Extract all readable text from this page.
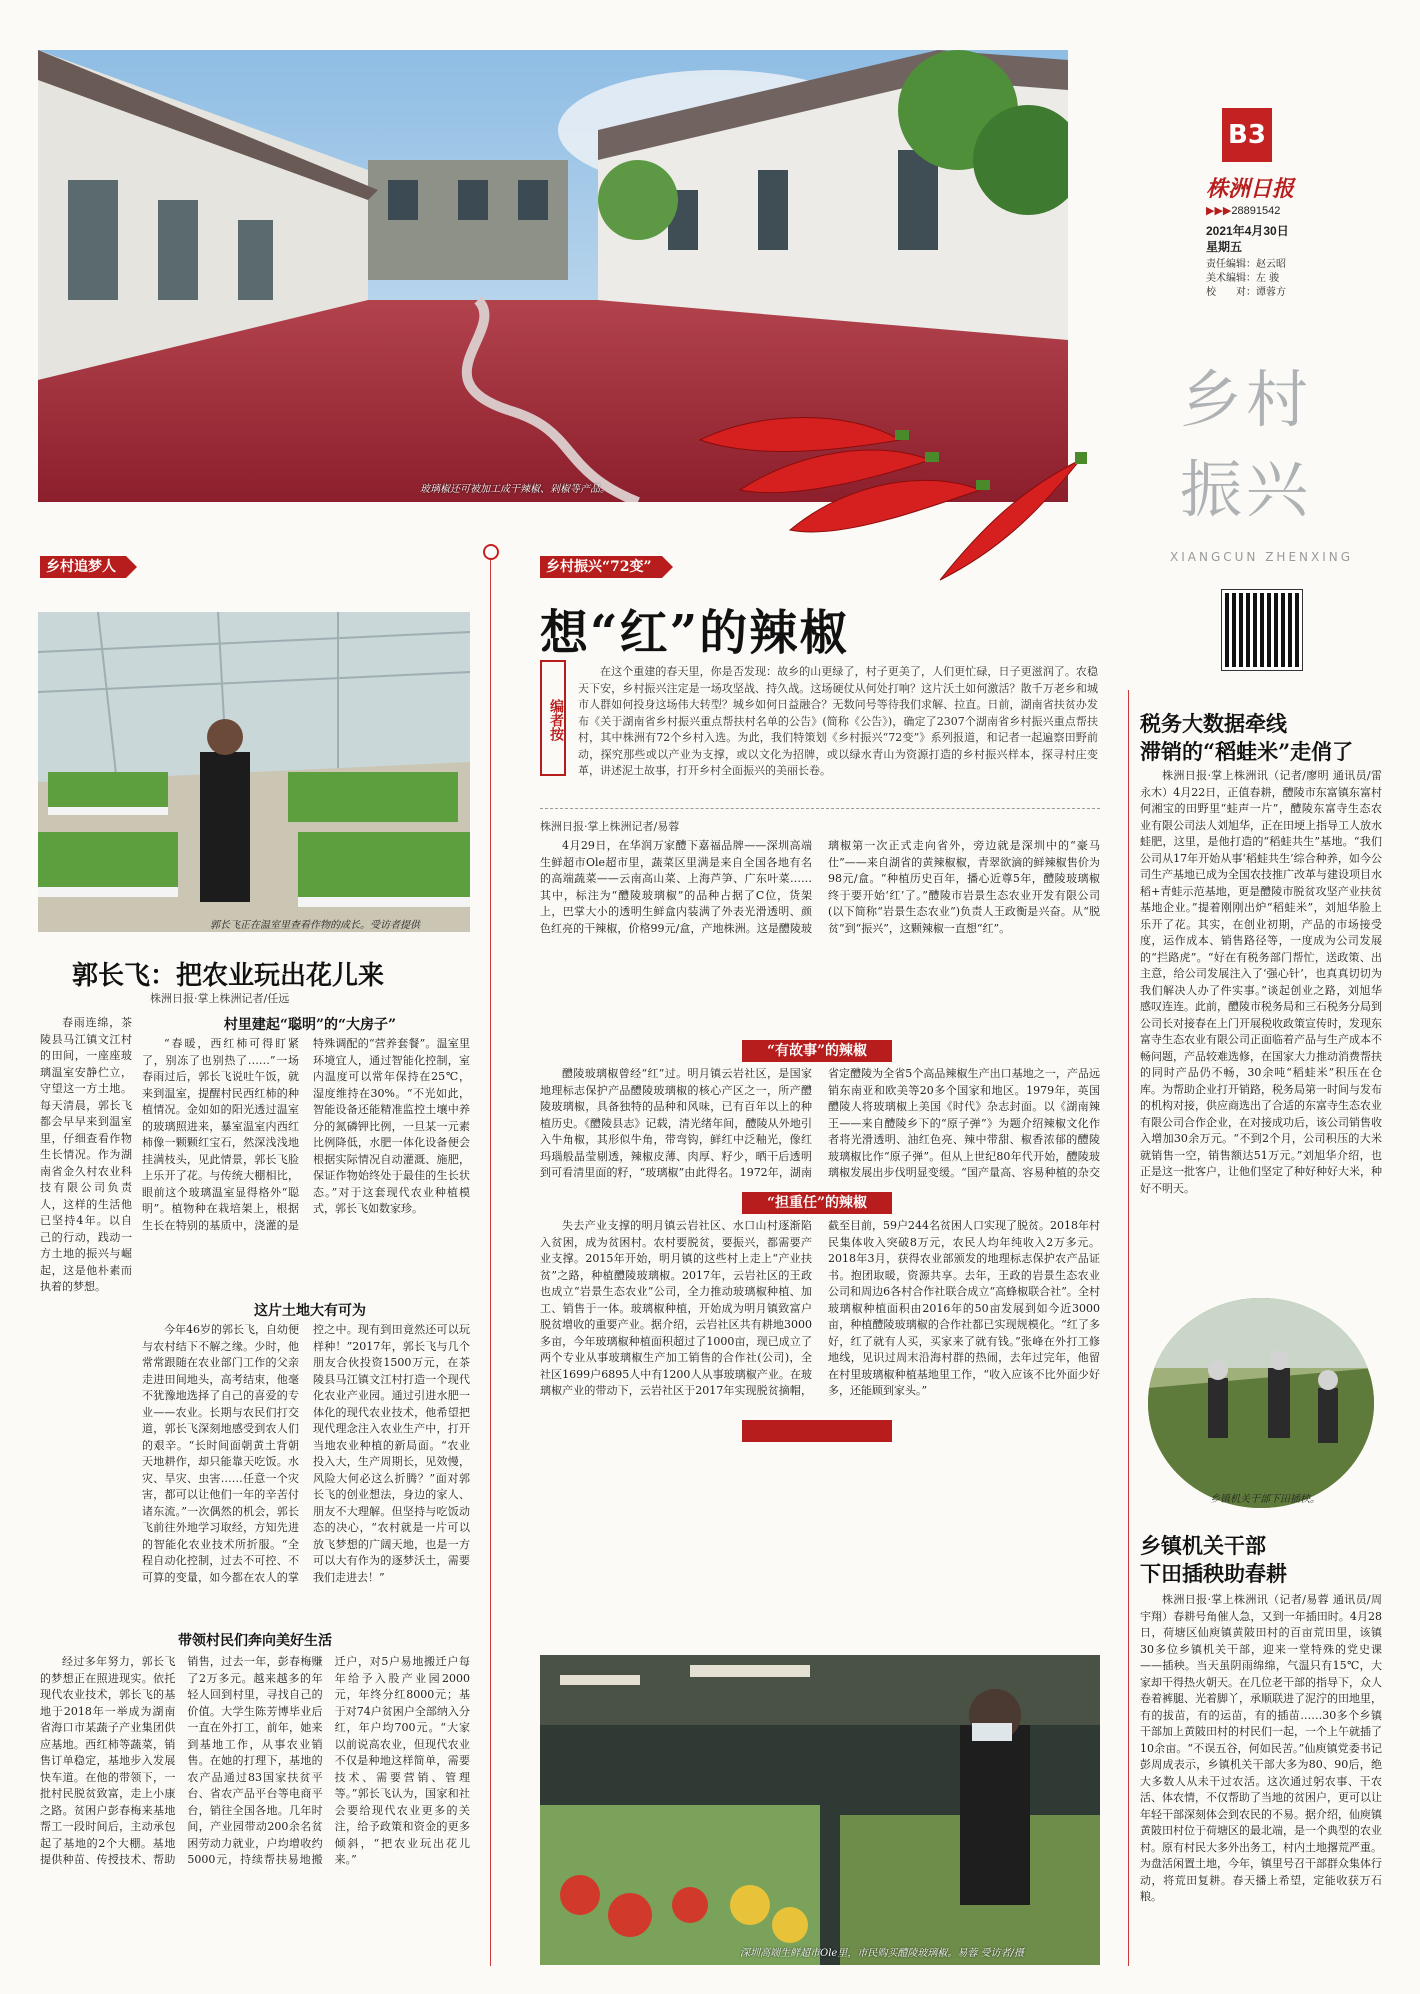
玻璃椒还可被加工成干辣椒、剁椒等产品。
B3
株洲日报
▶▶▶28891542
2021年4月30日
星期五
责任编辑：赵云昭
美术编辑：左 骏
校　　对：谭蓉方
乡村
振兴
XIANGCUN ZHENXING
乡村追梦人
郭长飞正在温室里查看作物的成长。受访者提供
郭长飞：把农业玩出花儿来
株洲日报·掌上株洲记者/任远

春雨连绵，茶陵县马江镇文江村的田间，一座座玻璃温室安静伫立，守望这一方土地。每天清晨，郭长飞都会早早来到温室里，仔细查看作物生长情况。作为湖南省金久村农业科技有限公司负责人，这样的生活他已坚持4年。以自己的行动，践动一方土地的振兴与崛起，这是他朴素而执着的梦想。

村里建起“聪明”的“大房子”

“春暖，西红柿可得盯紧了，别冻了也别热了……”一场春雨过后，郭长飞说吐午饭，就来到温室，提醒村民西红柿的种植情况。金如如的阳光透过温室的玻璃照进来，暴室温室内西红柿像一颗颗红宝石，然深浅浅地挂满枝头，见此情景，郭长飞脸上乐开了花。与传统大棚相比，眼前这个玻璃温室显得格外“聪明”。植物种在栽培架上，根据生长在特别的基质中，浇灌的是特殊调配的“营养套餐”。温室里环境宜人，通过智能化控制，室内温度可以常年保持在25℃，湿度维持在30%。“不光如此，智能设备还能精准监控土壤中养分的氮磷钾比例，一旦某一元素比例降低，水肥一体化设备便会根据实际情况自动灌溉、施肥，保证作物始终处于最佳的生长状态。”对于这套现代农业种植模式，郭长飞如数家珍。

这片土地大有可为

今年46岁的郭长飞，自幼便与农村结下不解之缘。少时，他常常跟随在农业部门工作的父亲走进田间地头，高考结束，他毫不犹豫地选择了自己的喜爱的专业——农业。长期与农民们打交道，郭长飞深刻地感受到农人们的艰辛。“长时间面朝黄土背朝天地耕作，却只能靠天吃饭。水灾、旱灾、虫害……任意一个灾害，都可以让他们一年的辛苦付诸东流。”一次偶然的机会，郭长飞前往外地学习取经，方知先进的智能化农业技术所折服。“全程自动化控制，过去不可控、不可算的变量，如今都在农人的掌控之中。现有到田竟然还可以玩样种！”2017年，郭长飞与几个朋友合伙投资1500万元，在茶陵县马江镇文江村打造一个现代化农业产业园。通过引进水肥一体化的现代农业技术，他希望把现代理念注入农业生产中，打开当地农业种植的新局面。“农业投入大，生产周期长，见效慢，风险大何必这么折腾？”面对郭长飞的创业想法，身边的家人、朋友不大理解。但坚持与吃饭动态的决心，“农村就是一片可以放飞梦想的广阔天地，也是一方可以大有作为的逐梦沃土，需要我们走进去！”

带领村民们奔向美好生活

经过多年努力，郭长飞的梦想正在照进现实。依托现代农业技术，郭长飞的基地于2018年一举成为湖南省海口市某蔬子产业集团供应基地。西红柿等蔬菜，销售订单稳定，基地步入发展快车道。在他的带领下，一批村民脱贫致富，走上小康之路。贫困户彭春梅来基地帮工一段时间后，主动承包起了基地的2个大棚。基地提供种苗、传授技术、帮助销售，过去一年，彭春梅赚了2万多元。越来越多的年轻人回到村里，寻找自己的价值。大学生陈芳博毕业后一直在外打工，前年，她来到基地工作，从事农业销售。在她的打理下，基地的农产品通过83国家扶贫平台、省农产品平台等电商平台，销往全国各地。几年时间，产业园带动200余名贫困劳动力就业，户均增收约5000元，持续帮扶易地搬迁户，对5户易地搬迁户每年给予入股产业园2000元，年终分红8000元；基于对74户贫困户全部纳入分红，年户均700元。“大家以前说高农业，但现代农业不仅是种地这样简单，需要技术、需要营销、管理等。”郭长飞认为，国家和社会要给现代农业更多的关注，给予政策和资金的更多倾斜，“把农业玩出花儿来。”

乡村振兴“72变”
想“红”的辣椒
编者按

在这个重建的春天里，你是否发现：故乡的山更绿了，村子更美了，人们更忙碌，日子更滋润了。农稳天下安，乡村振兴注定是一场攻坚战、持久战。这场硬仗从何处打响？这片沃土如何激活？散千万老乡和城市人群如何投身这场伟大转型？城乡如何日益融合？无数问号等待我们求解、拉直。日前，湖南省扶贫办发布《关于湖南省乡村振兴重点帮扶村名单的公告》(简称《公告》)，确定了2307个湖南省乡村振兴重点帮扶村，其中株洲有72个乡村入选。为此，我们特策划《乡村振兴“72变”》系列报道，和记者一起遍察田野前动，探究那些或以产业为支撑，或以文化为招牌，或以绿水青山为资源打造的乡村振兴样本，探寻村庄变革，讲述泥土故事，打开乡村全面振兴的美丽长卷。

株洲日报·掌上株洲记者/易蓉

4月29日，在华润万家醴下嘉福品牌——深圳高端生鲜超市Ole超市里，蔬菜区里满是来自全国各地有名的高端蔬菜——云南高山菜、上海芦笋、广东叶菜……其中，标注为“醴陵玻璃椒”的品种占据了C位，货架上，巴掌大小的透明生鲜盒内装满了外表光滑透明、颜色红亮的干辣椒，价格99元/盒，产地株洲。这是醴陵玻璃椒第一次正式走向省外，旁边就是深圳中的“豪马仕”——来自湖省的黄辣椒椒，青翠欲滴的鲜辣椒售价为98元/盒。“种植历史百年，播心近尊5年，醴陵玻璃椒终于要开始‘红’了。”醴陵市岩景生态农业开发有限公司(以下简称“岩景生态农业”)负责人王政衡是兴奋。从“脱贫”到“振兴”，这颗辣椒一直想“红”。

“有故事”的辣椒

醴陵玻璃椒曾经“红”过。明月镇云岩社区，是国家地理标志保护产品醴陵玻璃椒的核心产区之一，所产醴陵玻璃椒，具备独特的品种和风味，已有百年以上的种植历史。《醴陵县志》记载，清光绪年间，醴陵从外地引入牛角椒，其形似牛角，带弯钩，鲜红中泛釉光，像红玛瑙般晶莹剔透，辣椒皮薄、肉厚、籽少，晒干后透明到可看清里面的籽，“玻璃椒”由此得名。1972年，湖南省定醴陵为全省5个高品辣椒生产出口基地之一，产品远销东南亚和欧美等20多个国家和地区。1979年，英国醴陵人将玻璃椒上美国《时代》杂志封面。以《湖南辣王——来自醴陵乡下的“原子弹”》为题介绍辣椒文化作者将光滑透明、油红色亮、辣中带甜、椒香浓郁的醴陵玻璃椒比作“原子弹”。但从上世纪80年代开始，醴陵玻璃椒发展出步伐明显变缓。“国产量高、容易种植的杂交

“担重任”的辣椒

失去产业支撑的明月镇云岩社区、水口山村逐渐陷入贫困，成为贫困村。农村要脱贫，要振兴，都需要产业支撑。2015年开始，明月镇的这些村上走上“产业扶贫”之路，种植醴陵玻璃椒。2017年，云岩社区的王政也成立“岩景生态农业”公司，全力推动玻璃椒种植、加工、销售于一体。玻璃椒种植，开始成为明月镇致富户脱贫增收的重要产业。据介绍，云岩社区共有耕地3000多亩，今年玻璃椒种植面积超过了1000亩，现已成立了两个专业从事玻璃椒生产加工销售的合作社(公司)，全社区1699户6895人中有1200人从事玻璃椒产业。在玻璃椒产业的带动下，云岩社区于2017年实现脱贫摘帽，截至目前，59户244名贫困人口实现了脱贫。2018年村民集体收入突破8万元，农民人均年纯收入2万多元。2018年3月，获得农业部颁发的地理标志保护农产品证书。抱团取暖，资源共享。去年，王政的岩景生态农业公司和周边6各村合作社联合成立“高蜂椒联合社”。全村玻璃椒种植面积由2016年的50亩发展到如今近3000亩，种植醴陵玻璃椒的合作社都已实现规模化。“红了多好，红了就有人买，买家来了就有钱。”张峰在外打工修地线，见识过周末沿海村群的热闹，去年过完年，他留在村里玻璃椒种植基地里工作，“收入应该不比外面少好多，还能顾到家头。”

深圳高端生鲜超市Ole里，市民购买醴陵玻璃椒。易蓉 受访者/摄
税务大数据牵线
滞销的“稻蛙米”走俏了

株洲日报·掌上株洲讯（记者/廖明 通讯员/雷永木）4月22日，正值春耕，醴陵市东富镇东富村何湘宝的田野里“蛙声一片”，醴陵东富寺生态农业有限公司法人刘旭华，正在田埂上指导工人放水蛙肥，这里，是他打造的“稻蛙共生”基地。“我们公司从17年开始从事‘稻蛙共生’综合种养，如今公司生产基地已成为全国农技推广改革与建设项目水稻+青蛙示范基地，更是醴陵市脱贫攻坚产业扶贫基地企业。”提着刚刚出炉“稻蛙米”，刘旭华脸上乐开了花。其实，在创业初期，产品的市场接受度，运作成本、销售路径等，一度成为公司发展的“拦路虎”。“好在有税务部门帮忙，送政策、出主意，给公司发展注入了‘强心针’，也真真切切为我们解决人办了件实事。”谈起创业之路，刘旭华感叹连连。此前，醴陵市税务局和三石税务分局到公司长对接春在上门开展税收政策宣传时，发现东富寺生态农业有限公司正面临着产品与生产成本不畅问题，产品较难选修，在国家大力推动消费帮扶的同时产品仍不畅，30余吨“稻蛙米”积压在仓库。为帮助企业打开销路，税务局第一时间与发布的机构对接，供应商选出了合适的东富寺生态农业有限公司合作企业，在对接成功后，该公司销售收入增加30余万元。“不到2个月，公司积压的大米就销售一空，销售额达51万元。”刘旭华介绍，也正是这一批客户，让他们坚定了种好种好大米，种好不明天。

乡镇机关干部下田插秧。
乡镇机关干部
下田插秧助春耕

株洲日报·掌上株洲讯（记者/易蓉 通讯员/周宇翔）春耕号角催人急，又到一年插田时。4月28日，荷塘区仙庾镇黄陂田村的百亩荒田里，该镇30多位乡镇机关干部，迎来一堂特殊的党史课——插秧。当天虽阴雨绵绵，气温只有15℃，大家却干得热火朝天。在几位老干部的指导下，众人卷着裤腿、光着脚丫，承顺联进了泥泞的田地里，有的拔苗，有的运苗，有的插苗……30多个乡镇干部加上黄陂田村的村民们一起，一个上午就插了10余亩。“不误五谷，何如民苦。”仙庾镇党委书记彭周成表示，乡镇机关干部大多为80、90后，绝大多数人从未干过农活。这次通过躬农事、干农活、体农情，不仅帮助了当地的贫困户，更可以让年轻干部深刻体会到农民的不易。据介绍，仙庾镇黄陂田村位于荷塘区的最北端，是一个典型的农业村。原有村民大多外出务工，村内土地撂荒严重。为盘活闲置土地，今年，镇里号召干部群众集体行动，将荒田复耕。春天播上希望，定能收获万石粮。
